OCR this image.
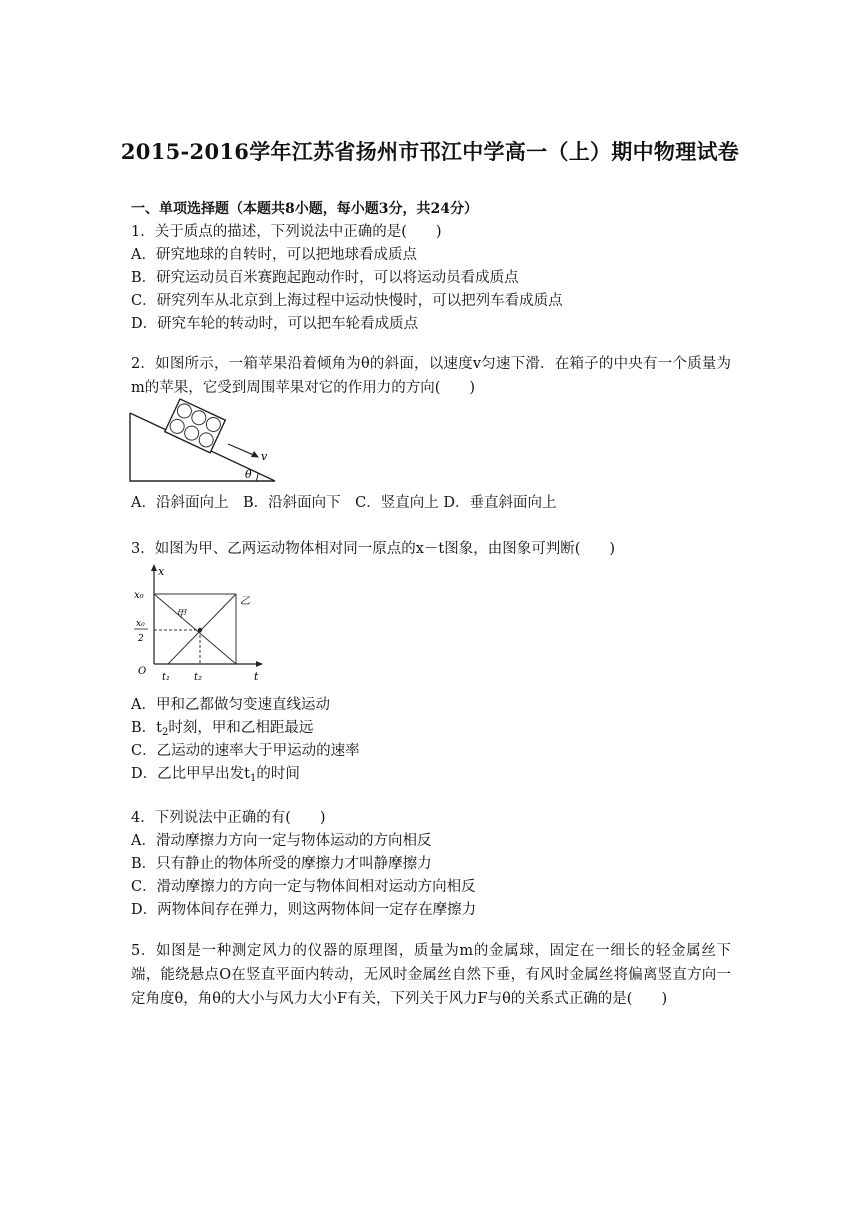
2015-2016学年江苏省扬州市邗江中学高一（上）期中物理试卷
一、单项选择题（本题共8小题，每小题3分，共24分）
1．关于质点的描述，下列说法中正确的是(　　)
A．研究地球的自转时，可以把地球看成质点
B．研究运动员百米赛跑起跑动作时，可以将运动员看成质点
C．研究列车从北京到上海过程中运动快慢时，可以把列车看成质点
D．研究车轮的转动时，可以把车轮看成质点
2．如图所示，一箱苹果沿着倾角为θ的斜面，以速度v匀速下滑．在箱子的中央有一个质量为m的苹果，它受到周围苹果对它的作用力的方向(　　)
v
θ
A．沿斜面向上　B．沿斜面向下　C．竖直向上 D．垂直斜面向上
3．如图为甲、乙两运动物体相对同一原点的x－t图象，由图象可判断(　　)
x
t
x₀
x₀
2
O
t₁ t₂
甲
乙
A．甲和乙都做匀变速直线运动
B．$t_2$时刻，甲和乙相距最远
C．乙运动的速率大于甲运动的速率
D．乙比甲早出发$t_1$的时间
4．下列说法中正确的有(　　)
A．滑动摩擦力方向一定与物体运动的方向相反
B．只有静止的物体所受的摩擦力才叫静摩擦力
C．滑动摩擦力的方向一定与物体间相对运动方向相反
D．两物体间存在弹力，则这两物体间一定存在摩擦力
5．如图是一种测定风力的仪器的原理图，质量为m的金属球，固定在一细长的轻金属丝下端，能绕悬点O在竖直平面内转动，无风时金属丝自然下垂，有风时金属丝将偏离竖直方向一定角度θ，角θ的大小与风力大小F有关，下列关于风力F与θ的关系式正确的是(　　)
